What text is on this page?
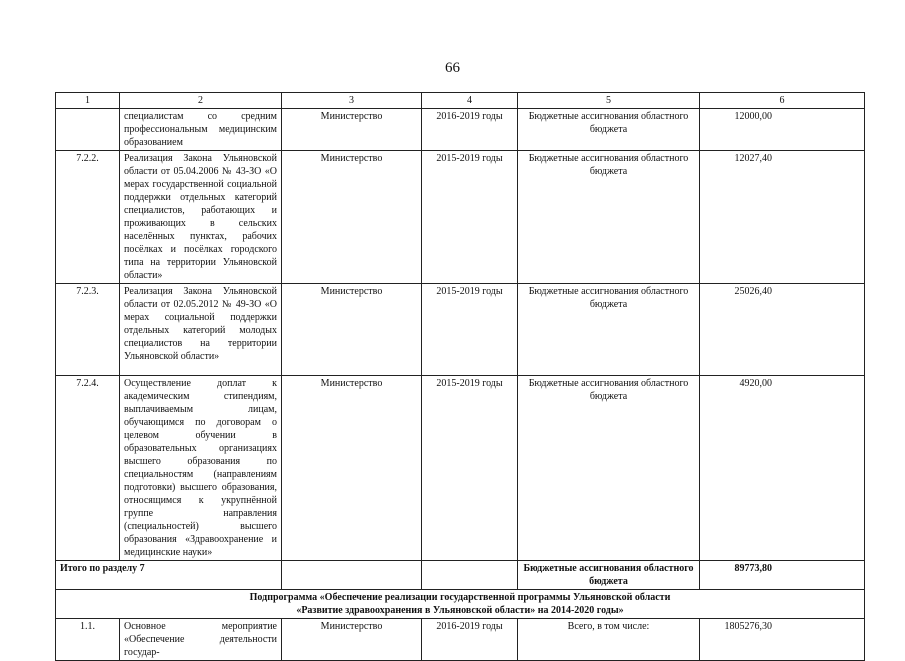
66
1	2	3	4	5	6
	специалистам со средним профессиональным медицинским образованием	Министерство	2016-2019 годы	Бюджетные ассигнования областного бюджета	12000,00
7.2.2.	Реализация Закона Ульяновской области от 05.04.2006 № 43-ЗО «О мерах государственной социальной поддержки отдельных категорий специалистов, работающих и проживающих в сельских населённых пунктах, рабочих посёлках и посёлках городского типа на территории Ульяновской области»	Министерство	2015-2019 годы	Бюджетные ассигнования областного бюджета	12027,40
7.2.3.	Реализация Закона Ульяновской области от 02.05.2012 № 49-ЗО «О мерах социальной поддержки отдельных категорий молодых специалистов на территории Ульяновской области»	Министерство	2015-2019 годы	Бюджетные ассигнования областного бюджета	25026,40
7.2.4.	Осуществление доплат к академическим стипендиям, выплачиваемым лицам, обучающимся по договорам о целевом обучении в образовательных организациях высшего образования по специальностям (направлениям подготовки) высшего образования, относящимся к укрупнённой группе направления (специальностей) высшего образования «Здравоохранение и медицинские науки»	Министерство	2015-2019 годы	Бюджетные ассигнования областного бюджета	4920,00
Итого по разделу 7				Бюджетные ассигнования областного бюджета	89773,80

Подпрограмма «Обеспечение реализации государственной программы Ульяновской области
«Развитие здравоохранения в Ульяновской области» на 2014-2020 годы»					

1.1.	Основное мероприятие «Обеспечение деятельности государ-	Министерство	2016-2019 годы	Всего, в том числе:	1805276,30
